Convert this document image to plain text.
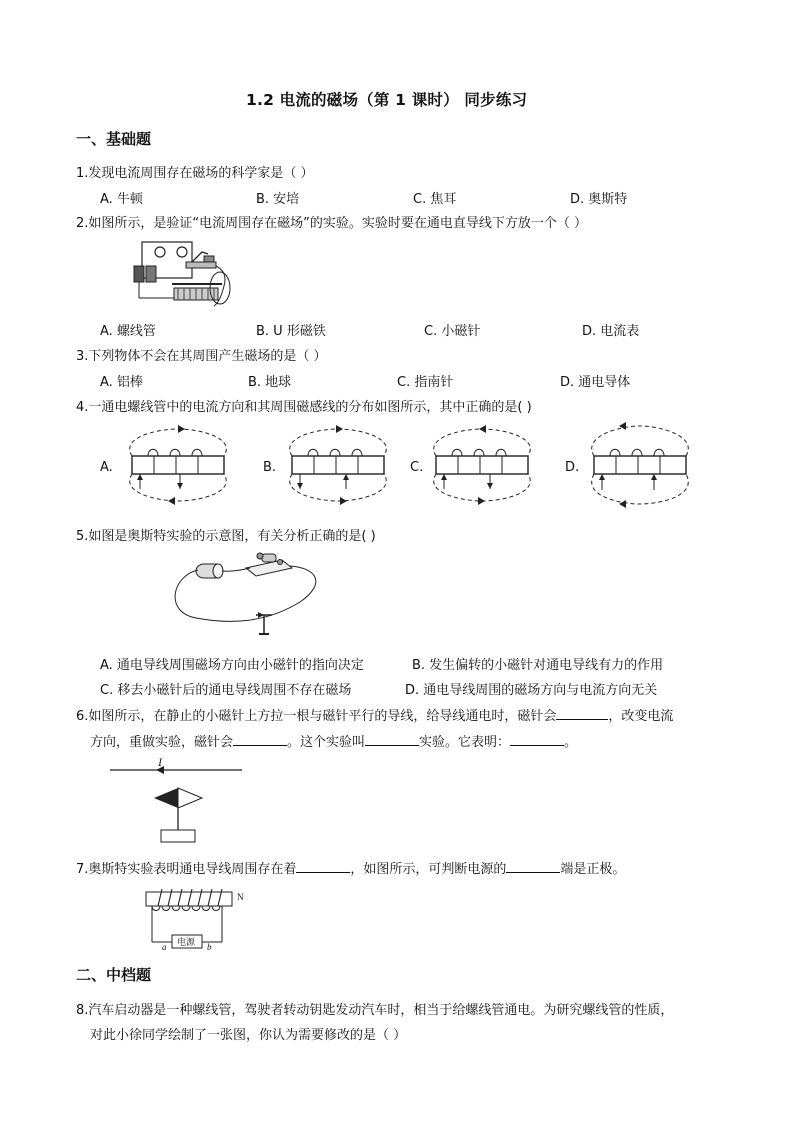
1.2 电流的磁场（第 1 课时） 同步练习
一、基础题
1.发现电流周围存在磁场的科学家是（ ）
A. 牛顿	B. 安培	C. 焦耳	D. 奥斯特
2.如图所示，是验证“电流周围存在磁场”的实验。实验时要在通电直导线下方放一个（ ）
A. 螺线管	B. U 形磁铁	C. 小磁针	D. 电流表
3.下列物体不会在其周围产生磁场的是（ ）
A. 铝棒	B. 地球	C. 指南针	D. 通电导体
4.一通电螺线管中的电流方向和其周围磁感线的分布如图所示，其中正确的是( )
A.	B.	C.	D.
5.如图是奥斯特实验的示意图，有关分析正确的是( )
A. 通电导线周围磁场方向由小磁针的指向决定	B. 发生偏转的小磁针对通电导线有力的作用
C. 移去小磁针后的通电导线周围不存在磁场	D. 通电导线周围的磁场方向与电流方向无关
6.如图所示，在静止的小磁针上方拉一根与磁针平行的导线，给导线通电时，磁针会	，改变电流
方向，重做实验，磁针会	。这个实验叫	实验。它表明：	。
I
7.奥斯特实验表明通电导线周围存在着	，如图所示，可判断电源的	端是正极。
N
电源
a	b
二、中档题
8.汽车启动器是一种螺线管，驾驶者转动钥匙发动汽车时，相当于给螺线管通电。为研究螺线管的性质，
对此小徐同学绘制了一张图，你认为需要修改的是（ ）
